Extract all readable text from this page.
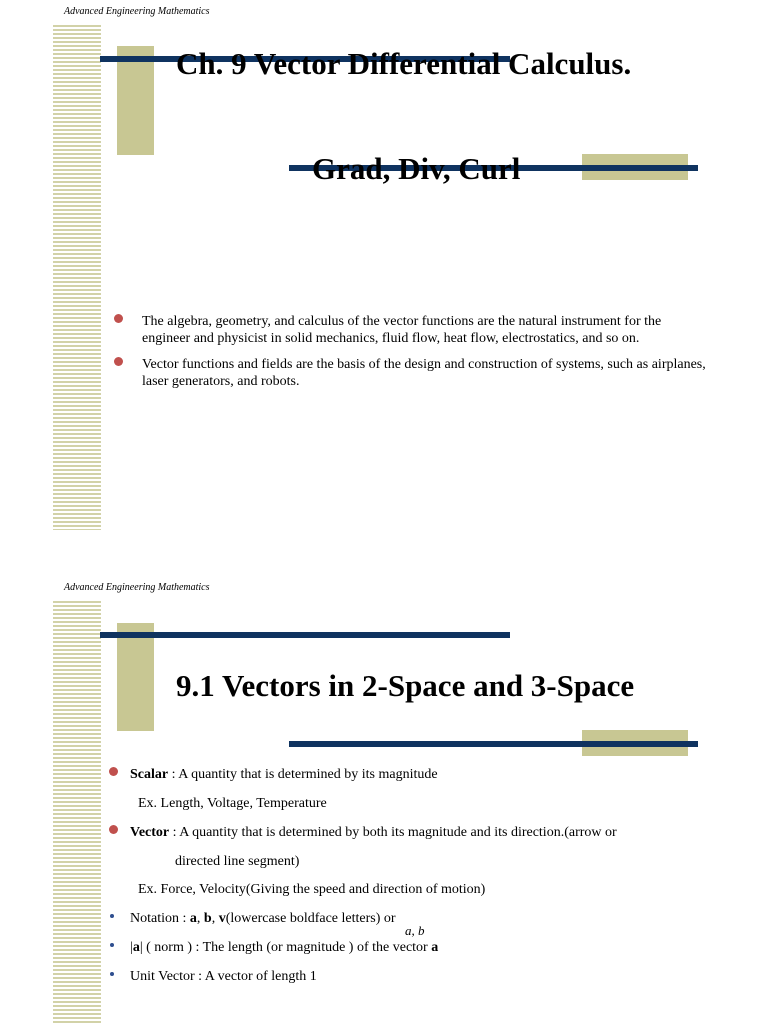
Advanced Engineering Mathematics
Ch. 9 Vector Differential Calculus.
Grad, Div, Curl
The algebra, geometry, and calculus of the vector functions are the natural instrument for the engineer and physicist in solid mechanics, fluid flow, heat flow, electrostatics, and so on.
Vector functions and fields are the basis of the design and construction of systems, such as airplanes, laser generators, and robots.
Advanced Engineering Mathematics
9.1 Vectors in 2-Space and 3-Space
Scalar : A quantity that is determined by its magnitude
Ex. Length, Voltage, Temperature
Vector : A quantity that is determined by both its magnitude and its direction.(arrow or
directed line segment)
Ex. Force, Velocity(Giving the speed and direction of motion)
Notation : a, b, v(lowercase boldface letters) or
a, b
|a| ( norm ) : The length (or magnitude ) of the vector a
Unit Vector : A vector of length 1
